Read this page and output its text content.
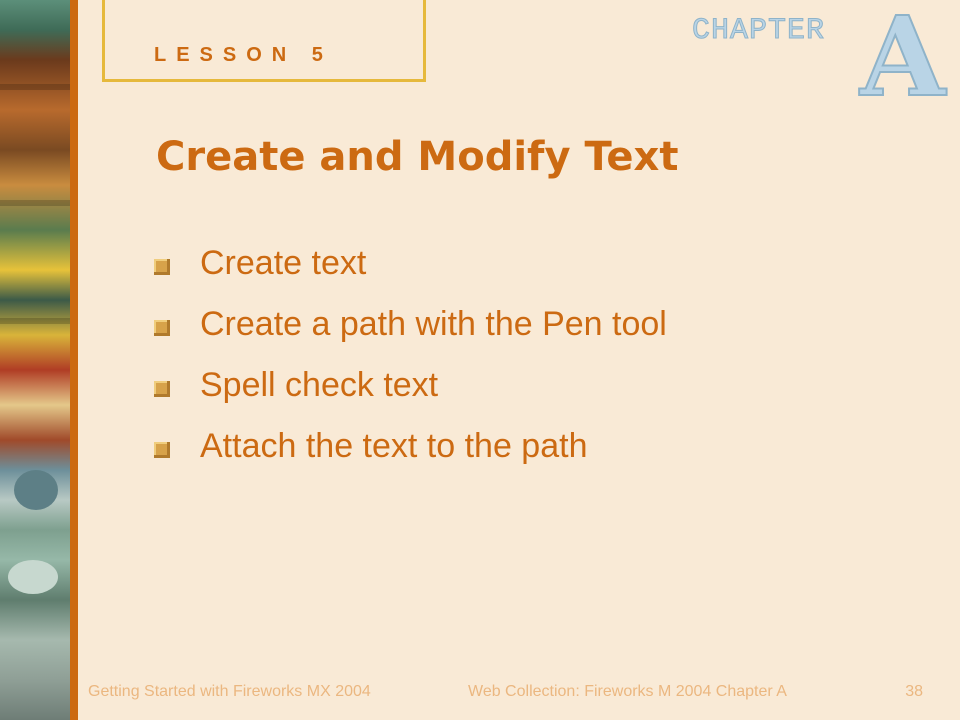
LESSON 5
CHAPTER A
Create and Modify Text
Create text
Create a path with the Pen tool
Spell check text
Attach the text to the path
Getting Started with Fireworks MX 2004	Web Collection: Fireworks M 2004 Chapter A	38
